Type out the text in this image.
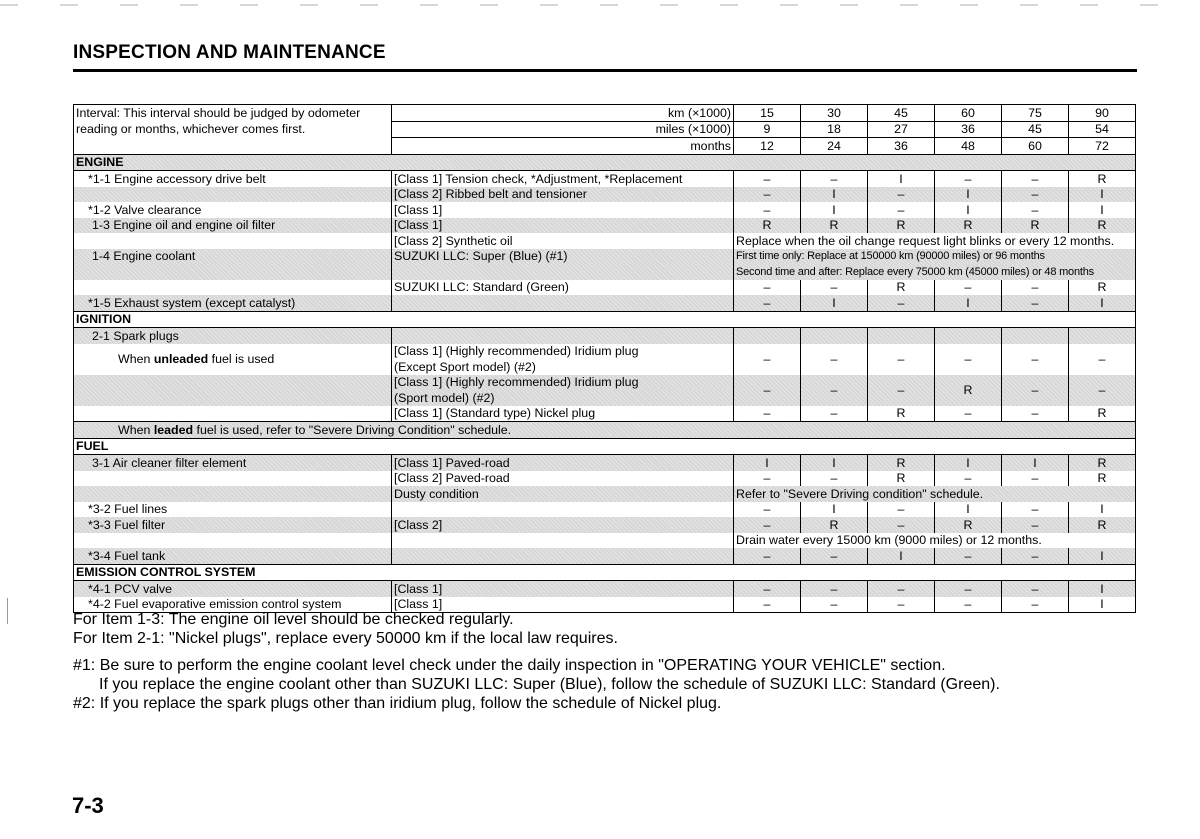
INSPECTION AND MAINTENANCE
Interval: This interval should be judged by odometer	km (×1000)	15	30	45	60	75	90
reading or months, whichever comes first.	miles (×1000)	9	18	27	36	45	54
	months	12	24	36	48	60	72
ENGINE							
*1-1 Engine accessory drive belt	[Class 1] Tension check, *Adjustment, *Replacement	–	–	I	–	–	R
	[Class 2] Ribbed belt and tensioner	–	I	–	I	–	I
*1-2 Valve clearance	[Class 1]	–	I	–	I	–	I
1-3 Engine oil and engine oil filter	[Class 1]	R	R	R	R	R	R
	[Class 2] Synthetic oil	Replace when the oil change request light blinks or every 12 months.					
1-4 Engine coolant	SUZUKI LLC: Super (Blue) (#1)	First time only: Replace at 150000 km (90000 miles) or 96 months					
		Second time and after: Replace every 75000 km (45000 miles) or 48 months					
	SUZUKI LLC: Standard (Green)	–	–	R	–	–	R
*1-5 Exhaust system (except catalyst)		–	I	–	I	–	I
IGNITION							
2-1 Spark plugs							
When unleaded fuel is used	[Class 1] (Highly recommended) Iridium plug	–	–	–	–	–	–
	(Except Sport model) (#2)						
	[Class 1] (Highly recommended) Iridium plug	–	–	–	R	–	–
	(Sport model) (#2)						
	[Class 1] (Standard type) Nickel plug	–	–	R	–	–	R
When leaded fuel is used, refer to "Severe Driving Condition" schedule.							
FUEL							
3-1 Air cleaner filter element	[Class 1] Paved-road	I	I	R	I	I	R
	[Class 2] Paved-road	–	–	R	–	–	R
	Dusty condition	Refer to "Severe Driving condition" schedule.					
*3-2 Fuel lines		–	I	–	I	–	I
*3-3 Fuel filter	[Class 2]	–	R	–	R	–	R
		Drain water every 15000 km (9000 miles) or 12 months.					
*3-4 Fuel tank		–	–	I	–	–	I
EMISSION CONTROL SYSTEM							
*4-1 PCV valve	[Class 1]	–	–	–	–	–	I
*4-2 Fuel evaporative emission control system	[Class 1]	–	–	–	–	–	I
For Item 1-3: The engine oil level should be checked regularly.
For Item 2-1: "Nickel plugs", replace every 50000 km if the local law requires.
#1: Be sure to perform the engine coolant level check under the daily inspection in "OPERATING YOUR VEHICLE" section.
If you replace the engine coolant other than SUZUKI LLC: Super (Blue), follow the schedule of SUZUKI LLC: Standard (Green).
#2: If you replace the spark plugs other than iridium plug, follow the schedule of Nickel plug.
7-3
